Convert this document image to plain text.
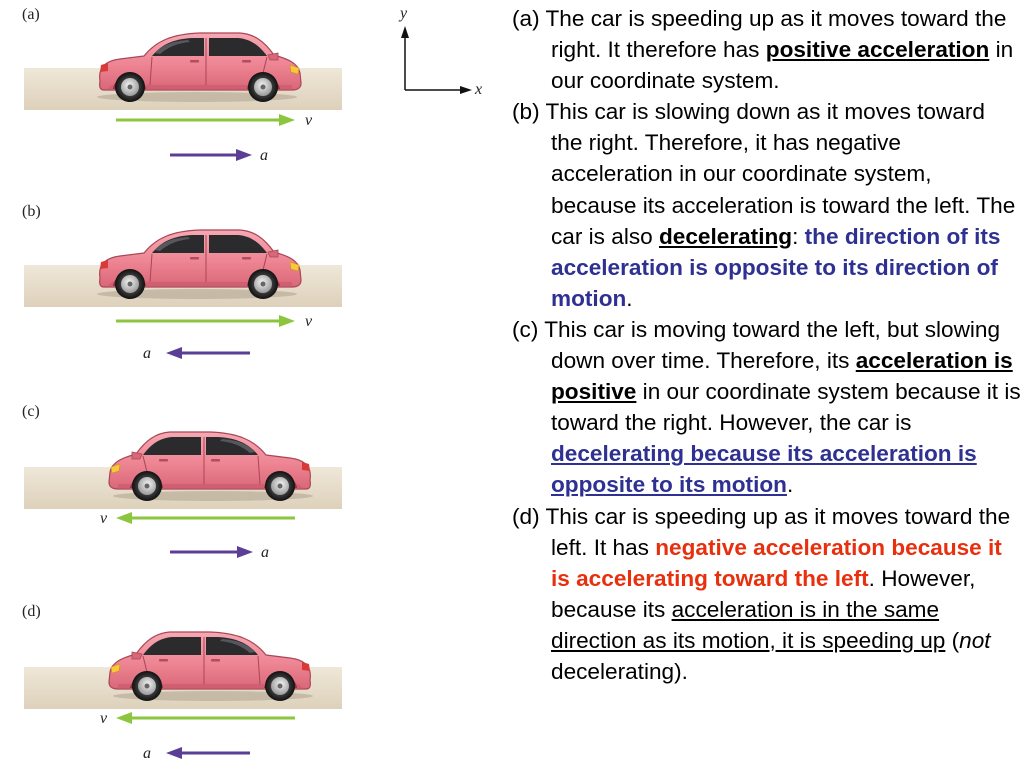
v
a
v
a
v
a
v
a
y
x
(a)
(b)
(c)
(d)
(a) The car is speeding up as it moves toward the right. It therefore has positive acceleration in our coordinate system.
(b) This car is slowing down as it moves toward the right. Therefore, it has negative acceleration in our coordinate system, because its acceleration is toward the left. The car is also decelerating: the direction of its acceleration is opposite to its direction of motion.
(c) This car is moving toward the left, but slowing down over time. Therefore, its acceleration is positive in our coordinate system because it is toward the right. However, the car is decelerating because its acceleration is opposite to its motion.
(d) This car is speeding up as it moves toward the left. It has negative acceleration because it is accelerating toward the left. However, because its acceleration is in the same direction as its motion, it is speeding up (not decelerating).
